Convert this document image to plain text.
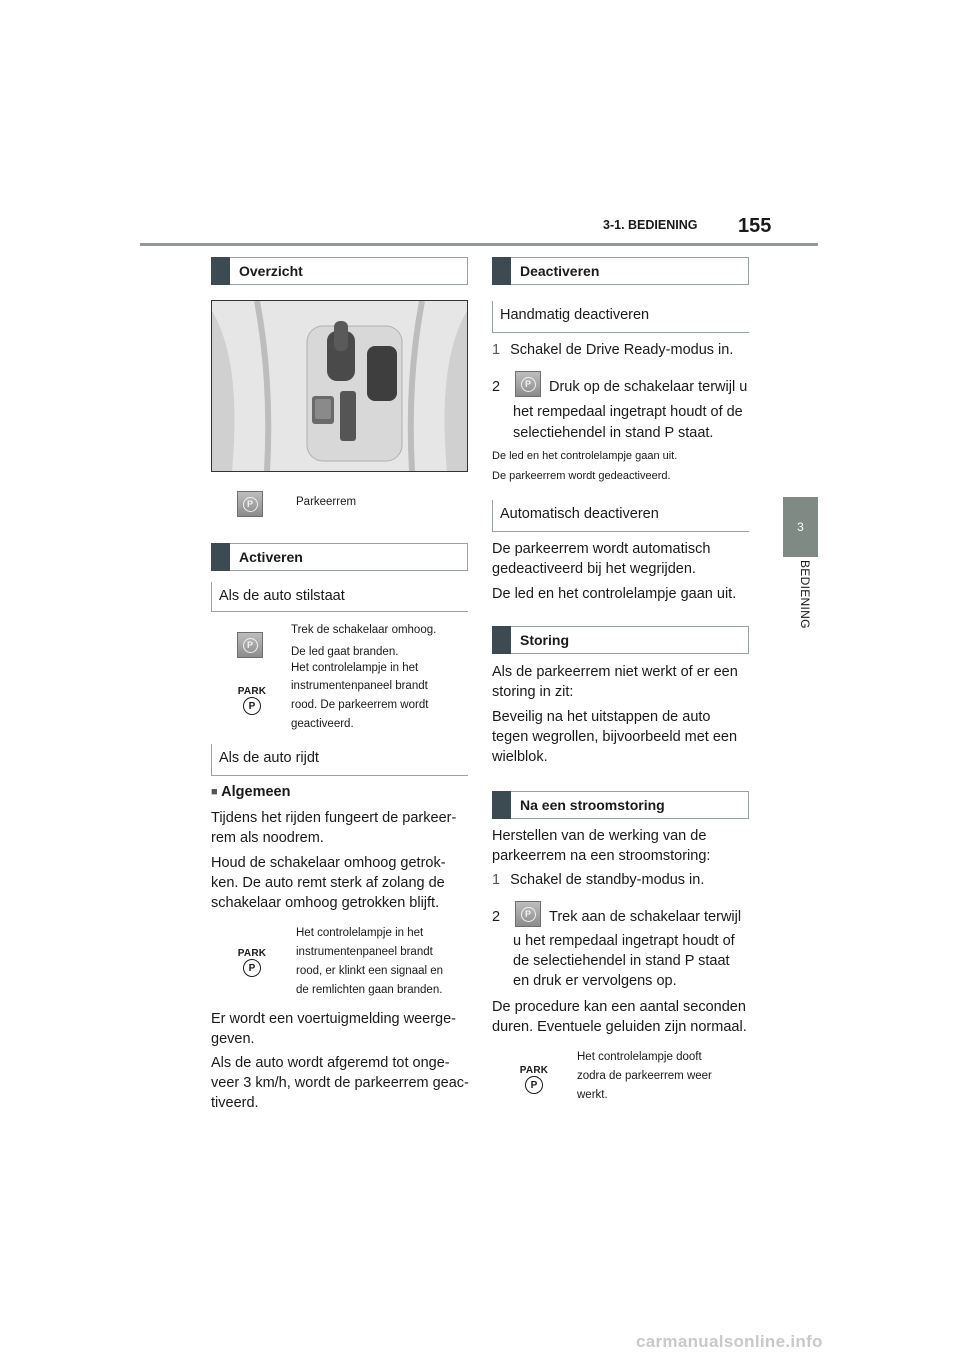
3-1. BEDIENING 155
3
BEDIENING
Overzicht
P	Parkeerrem
Activeren
Als de auto stilstaat
P
PARK
P
Trek de schakelaar omhoog.
De led gaat branden.
Het controlelampje in het
instrumentenpaneel brandt
rood. De parkeerrem wordt
geactiveerd.
Als de auto rijdt
■ Algemeen
Tijdens het rijden fungeert de parkeer-
rem als noodrem.
Houd de schakelaar omhoog getrok-
ken. De auto remt sterk af zolang de
schakelaar omhoog getrokken blijft.
PARK
P
Het controlelampje in het
instrumentenpaneel brandt
rood, er klinkt een signaal en
de remlichten gaan branden.
Er wordt een voertuigmelding weerge-
geven.
Als de auto wordt afgeremd tot onge-
veer 3 km/h, wordt de parkeerrem geac-
tiveerd.
Deactiveren
Handmatig deactiveren
1 Schakel de Drive Ready-modus in.
2	P	Druk op de schakelaar terwijl u
het rempedaal ingetrapt houdt of de
selectiehendel in stand P staat.
De led en het controlelampje gaan uit.
De parkeerrem wordt gedeactiveerd.
Automatisch deactiveren
De parkeerrem wordt automatisch
gedeactiveerd bij het wegrijden.
De led en het controlelampje gaan uit.
Storing
Als de parkeerrem niet werkt of er een
storing in zit:
Beveilig na het uitstappen de auto
tegen wegrollen, bijvoorbeeld met een
wielblok.
Na een stroomstoring
Herstellen van de werking van de
parkeerrem na een stroomstoring:
1 Schakel de standby-modus in.
2	P	Trek aan de schakelaar terwijl
u het rempedaal ingetrapt houdt of
de selectiehendel in stand P staat
en druk er vervolgens op.
De procedure kan een aantal seconden
duren. Eventuele geluiden zijn normaal.
PARK
P
Het controlelampje dooft
zodra de parkeerrem weer
werkt.
carmanualsonline.info
